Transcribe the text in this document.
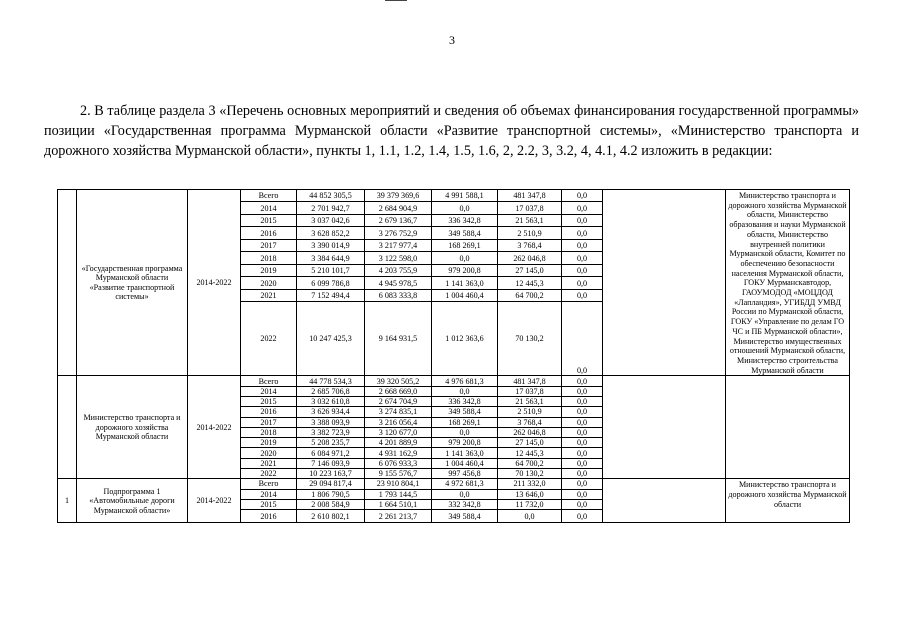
3

2. В таблице раздела 3 «Перечень основных мероприятий и сведения об объемах финансирования государственной программы» позиции «Государственная программа Мурманской области «Развитие транспортной системы», «Министерство транспорта и дорожного хозяйства Мурманской области», пункты 1, 1.1, 1.2, 1.4, 1.5, 1.6, 2, 2.2, 3, 3.2, 4, 4.1, 4.2 изложить в редакции:

	«Государственная программа Мурманской области «Развитие транспортной системы»	2014-2022	Всего	44 852 305,5	39 379 369,6	4 991 588,1	481 347,8	0,0		Министерство транспорта и дорожного хозяйства Мурманской области, Министерство образования и науки Мурманской области, Министерство внутренней политики Мурманской области, Комитет по обеспечению безопасности населения Мурманской области, ГОКУ Мурманскавтодор, ГАОУМОДОД «МОЦДОД «Лапландия», УГИБДД УМВД России по Мурманской области, ГОКУ «Управление по делам ГО ЧС и ПБ Мурманской области», Министерство имущественных отношений Мурманской области, Министерство строительства Мурманской области
			2014	2 701 942,7	2 684 904,9	0,0	17 037,8	0,0		
			2015	3 037 042,6	2 679 136,7	336 342,8	21 563,1	0,0		
			2016	3 628 852,2	3 276 752,9	349 588,4	2 510,9	0,0		
			2017	3 390 014,9	3 217 977,4	168 269,1	3 768,4	0,0		
			2018	3 384 644,9	3 122 598,0	0,0	262 046,8	0,0		
			2019	5 210 101,7	4 203 755,9	979 200,8	27 145,0	0,0		
			2020	6 099 786,8	4 945 978,5	1 141 363,0	12 445,3	0,0		
			2021	7 152 494,4	6 083 333,8	1 004 460,4	64 700,2	0,0		
			2022	10 247 425,3	9 164 931,5	1 012 363,6	70 130,2	0,0		
	Министерство транспорта и дорожного хозяйства Мурманской области	2014-2022	Всего	44 778 534,3	39 320 505,2	4 976 681,3	481 347,8	0,0		
			2014	2 685 706,8	2 668 669,0	0,0	17 037,8	0,0		
			2015	3 032 610,8	2 674 704,9	336 342,8	21 563,1	0,0		
			2016	3 626 934,4	3 274 835,1	349 588,4	2 510,9	0,0		
			2017	3 388 093,9	3 216 056,4	168 269,1	3 768,4	0,0		
			2018	3 382 723,9	3 120 677,0	0,0	262 046,8	0,0		
			2019	5 208 235,7	4 201 889,9	979 200,8	27 145,0	0,0		
			2020	6 084 971,2	4 931 162,9	1 141 363,0	12 445,3	0,0		
			2021	7 146 093,9	6 076 933,3	1 004 460,4	64 700,2	0,0		
			2022	10 223 163,7	9 155 576,7	997 456,8	70 130,2	0,0		
1	Подпрограмма 1 «Автомобильные дороги Мурманской области»	2014-2022	Всего	29 094 817,4	23 910 804,1	4 972 681,3	211 332,0	0,0		Министерство транспорта и дорожного хозяйства Мурманской области
			2014	1 806 790,5	1 793 144,5	0,0	13 646,0	0,0		
			2015	2 008 584,9	1 664 510,1	332 342,8	11 732,0	0,0		
			2016	2 610 802,1	2 261 213,7	349 588,4	0,0	0,0		
